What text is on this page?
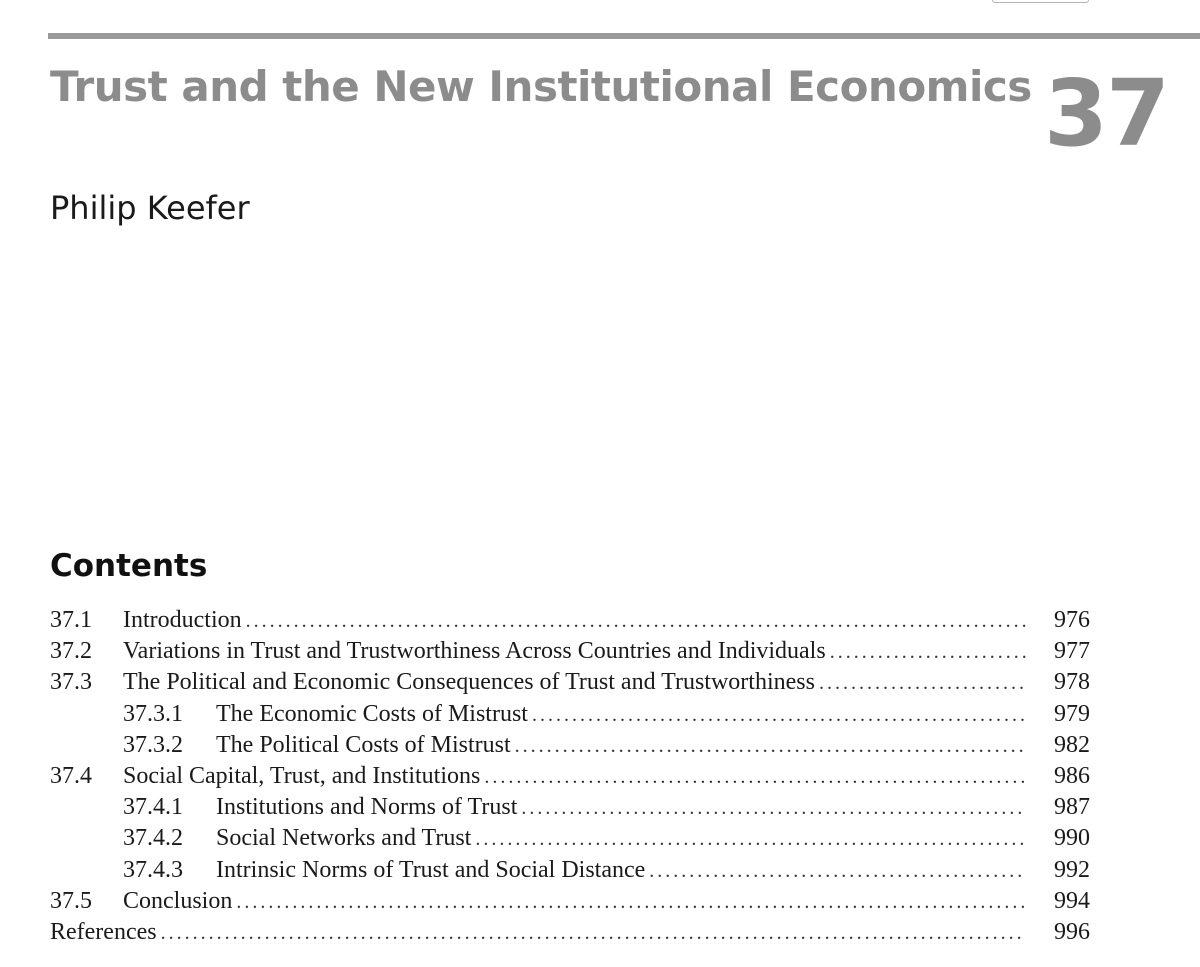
Trust and the New Institutional Economics 37
Philip Keefer
Contents
37.1	Introduction . . .	976
37.2	Variations in Trust and Trustworthiness Across Countries and Individuals . . .	977
37.3	The Political and Economic Consequences of Trust and Trustworthiness . . .	978
37.3.1	The Economic Costs of Mistrust . . .	979
37.3.2	The Political Costs of Mistrust . . .	982
37.4	Social Capital, Trust, and Institutions . . .	986
37.4.1	Institutions and Norms of Trust . . .	987
37.4.2	Social Networks and Trust . . .	990
37.4.3	Intrinsic Norms of Trust and Social Distance . . .	992
37.5	Conclusion . . .	994
References . . .	996
